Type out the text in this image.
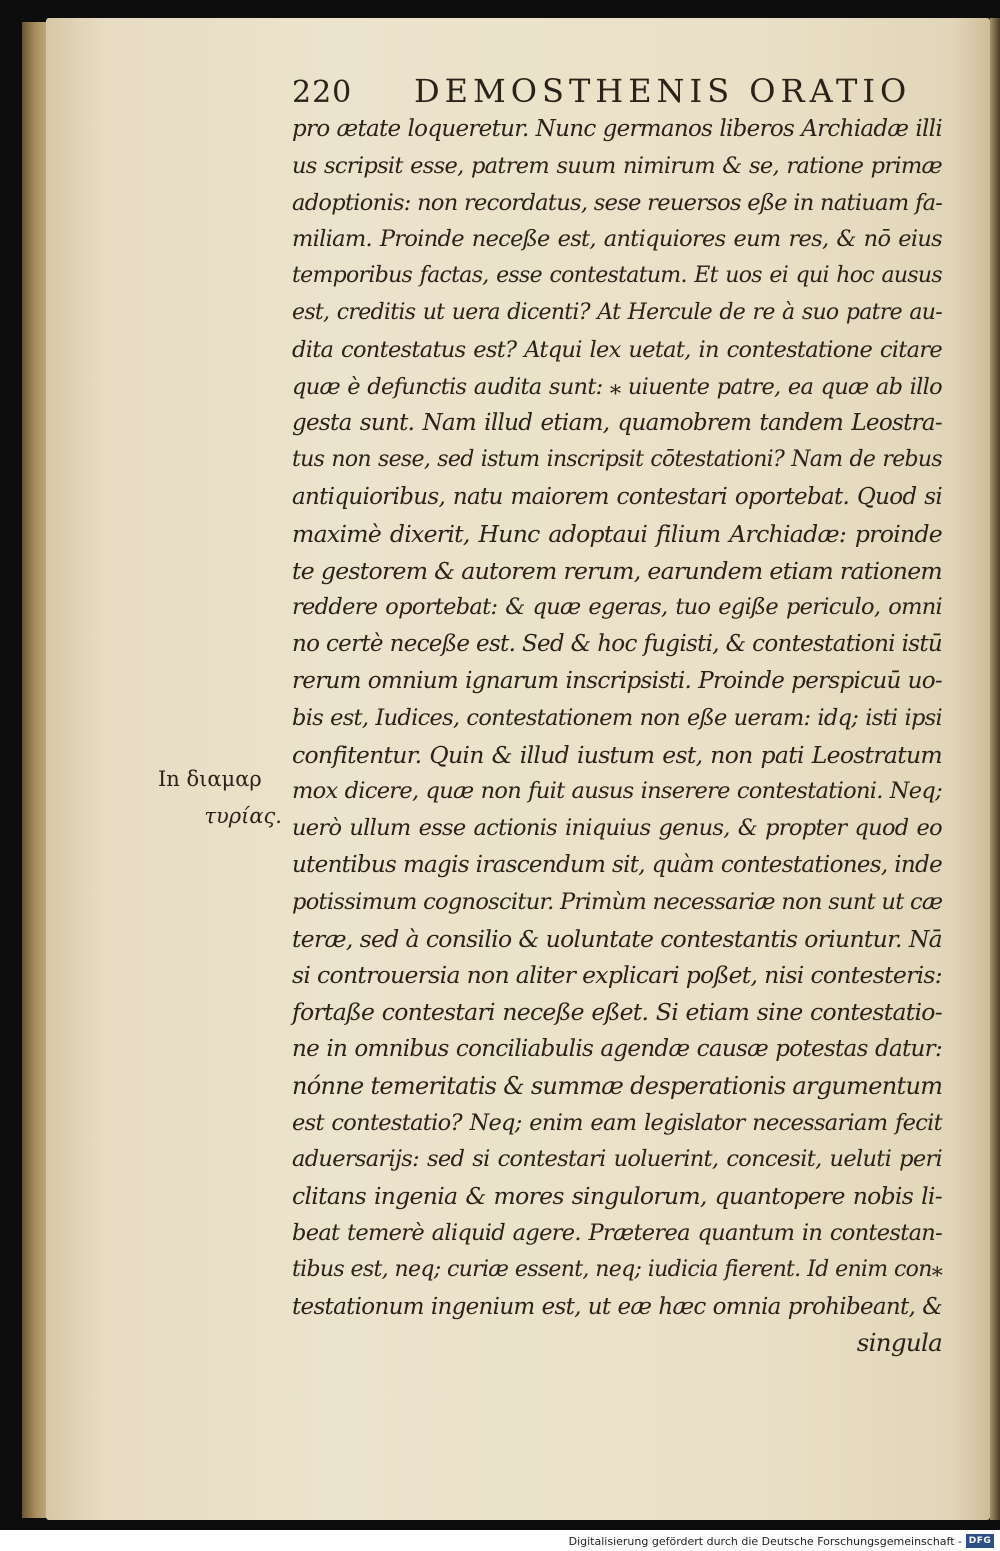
220	DEMOSTHENIS ORATIO
In διαμαρ
τυρίας.
pro ætate loqueretur. Nunc germanos liberos Archiadæ illi
us scripsit esse, patrem suum nimirum & se, ratione primæ
adoptionis: non recordatus, sese reuersos eße in natiuam fa-
miliam. Proinde neceße est, antiquiores eum res, & nō eius
temporibus factas, esse contestatum. Et uos ei qui hoc ausus
est, creditis ut uera dicenti? At Hercule de re à suo patre au-
dita contestatus est? Atqui lex uetat, in contestatione citare
quæ è defunctis audita sunt: ⁎ uiuente patre, ea quæ ab illo
gesta sunt. Nam illud etiam, quamobrem tandem Leostra-
tus non sese, sed istum inscripsit cōtestationi? Nam de rebus
antiquioribus, natu maiorem contestari oportebat. Quod si
maximè dixerit, Hunc adoptaui filium Archiadæ: proinde
te gestorem & autorem rerum, earundem etiam rationem
reddere oportebat: & quæ egeras, tuo egiße periculo, omni
no certè neceße est. Sed & hoc fugisti, & contestationi istū
rerum omnium ignarum inscripsisti. Proinde perspicuū uo-
bis est, Iudices, contestationem non eße ueram: idq; isti ipsi
confitentur. Quin & illud iustum est, non pati Leostratum
mox dicere, quæ non fuit ausus inserere contestationi. Neq;
uerò ullum esse actionis iniquius genus, & propter quod eo
utentibus magis irascendum sit, quàm contestationes, inde
potissimum cognoscitur. Primùm necessariæ non sunt ut cæ
teræ, sed à consilio & uoluntate contestantis oriuntur. Nā
si controuersia non aliter explicari poßet, nisi contesteris:
fortaße contestari neceße eßet. Si etiam sine contestatio-
ne in omnibus conciliabulis agendæ causæ potestas datur:
nónne temeritatis & summæ desperationis argumentum
est contestatio? Neq; enim eam legislator necessariam fecit
aduersarijs: sed si contestari uoluerint, concesit, ueluti peri
clitans ingenia & mores singulorum, quantopere nobis li-
beat temerè aliquid agere. Præterea quantum in contestan-
tibus est, neq; curiæ essent, neq; iudicia fierent. Id enim con⁎
testationum ingenium est, ut eæ hæc omnia prohibeant, &
singula
Digitalisierung gefördert durch die Deutsche Forschungsgemeinschaft - DFG
